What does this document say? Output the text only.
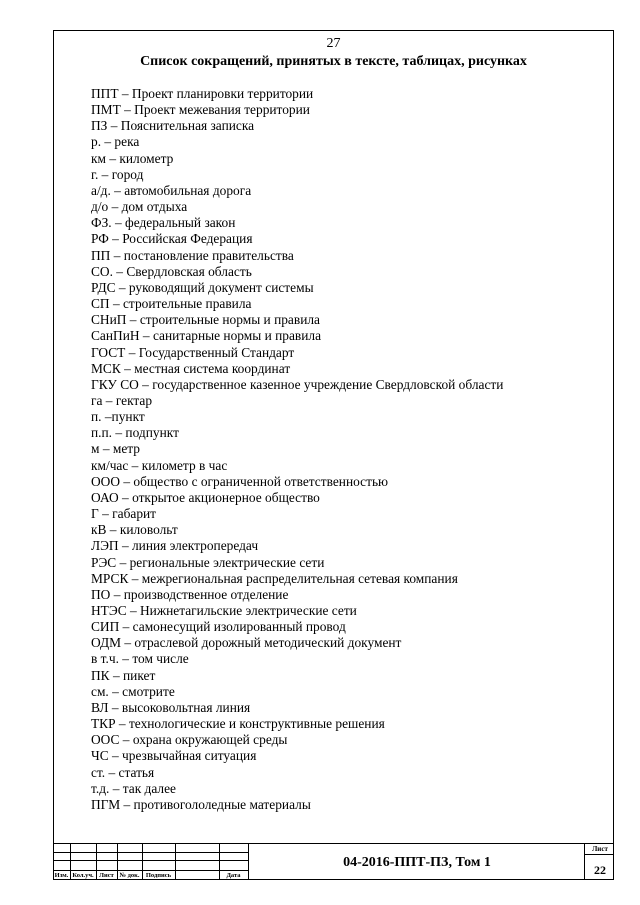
27
Список сокращений, принятых в тексте, таблицах, рисунках
ППТ – Проект планировки территории
ПМТ – Проект межевания территории
ПЗ – Пояснительная записка
р. – река
км – километр
г. – город
а/д. – автомобильная дорога
д/о – дом отдыха
ФЗ. – федеральный закон
РФ – Российская Федерация
ПП – постановление правительства
СО. – Свердловская область
РДС – руководящий документ системы
СП – строительные правила
СНиП – строительные нормы и правила
СанПиН – санитарные нормы и правила
ГОСТ – Государственный Стандарт
МСК – местная система координат
ГКУ СО – государственное казенное учреждение Свердловской области
га – гектар
п. –пункт
п.п. – подпункт
м – метр
км/час – километр в час
ООО – общество с ограниченной ответственностью
ОАО – открытое акционерное общество
Г – габарит
кВ – киловольт
ЛЭП – линия электропередач
РЭС – региональные электрические сети
МРСК – межрегиональная распределительная сетевая компания
ПО – производственное отделение
НТЭС – Нижнетагильские электрические сети
СИП – самонесущий изолированный провод
ОДМ – отраслевой дорожный методический документ
в т.ч. – том числе
ПК – пикет
см. – смотрите
ВЛ – высоковольтная линия
ТКР – технологические и конструктивные решения
ООС – охрана окружающей среды
ЧС – чрезвычайная ситуация
ст. – статья
т.д. – так далее
ПГМ – противогололедные материалы
Изм. Кол.уч. Лист № док. Подпись	Дата
04-2016-ППТ-ПЗ, Том 1
Лист
22
